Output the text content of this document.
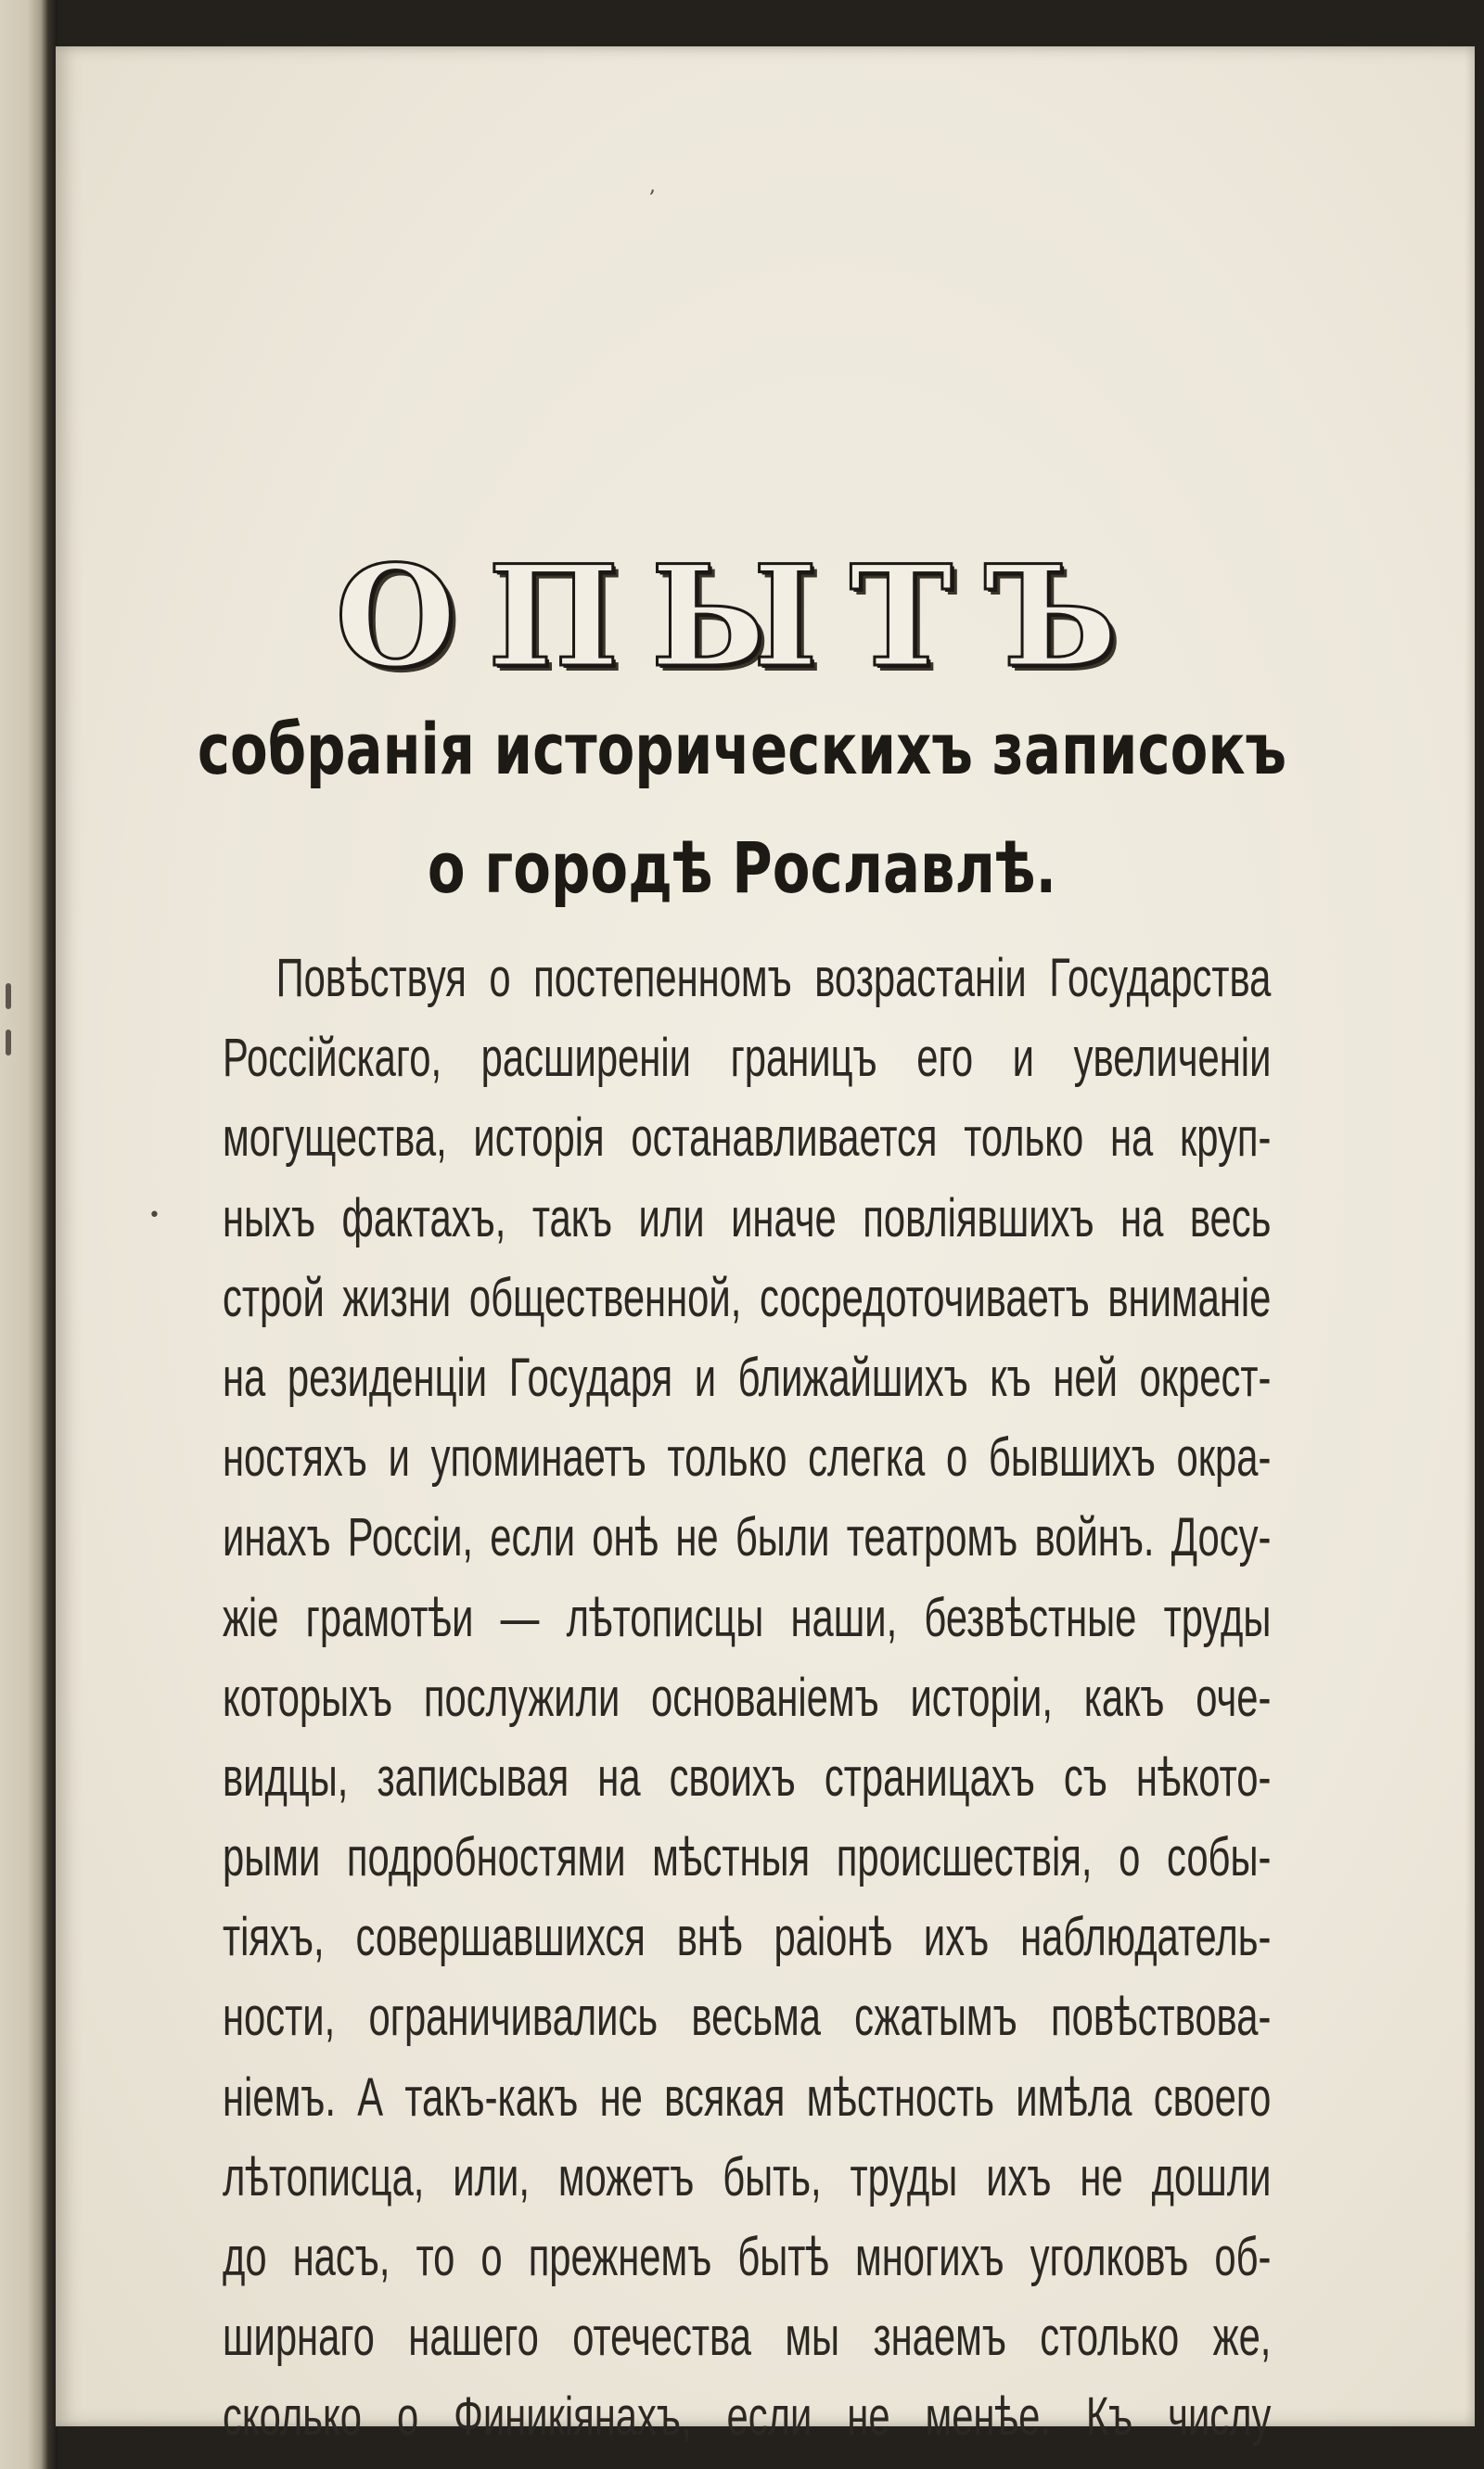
,
•
ОПЫТЪ
собранія историческихъ записокъ
о городѣ Рославлѣ.
Повѣствуя о постепенномъ возрастаніи Государства
Россійскаго, расширеніи границъ его и увеличеніи
могущества, исторія останавливается только на круп-
ныхъ фактахъ, такъ или иначе повліявшихъ на весь
строй жизни общественной, сосредоточиваетъ вниманіе
на резиденціи Государя и ближайшихъ къ ней окрест-
ностяхъ и упоминаетъ только слегка о бывшихъ окра-
инахъ Россіи, если онѣ не были театромъ войнъ. Досу-
жіе грамотѣи — лѣтописцы наши, безвѣстные труды
которыхъ послужили основаніемъ исторіи, какъ оче-
видцы, записывая на своихъ страницахъ съ нѣкото-
рыми подробностями мѣстныя происшествія, о собы-
тіяхъ, совершавшихся внѣ раіонѣ ихъ наблюдатель-
ности, ограничивались весьма сжатымъ повѣствова-
ніемъ. А такъ-какъ не всякая мѣстность имѣла своего
лѣтописца, или, можетъ быть, труды ихъ не дошли
до насъ, то о прежнемъ бытѣ многихъ уголковъ об-
ширнаго нашего отечества мы знаемъ столько же,
сколько о Финикіянахъ, если не менѣе. Къ числу
